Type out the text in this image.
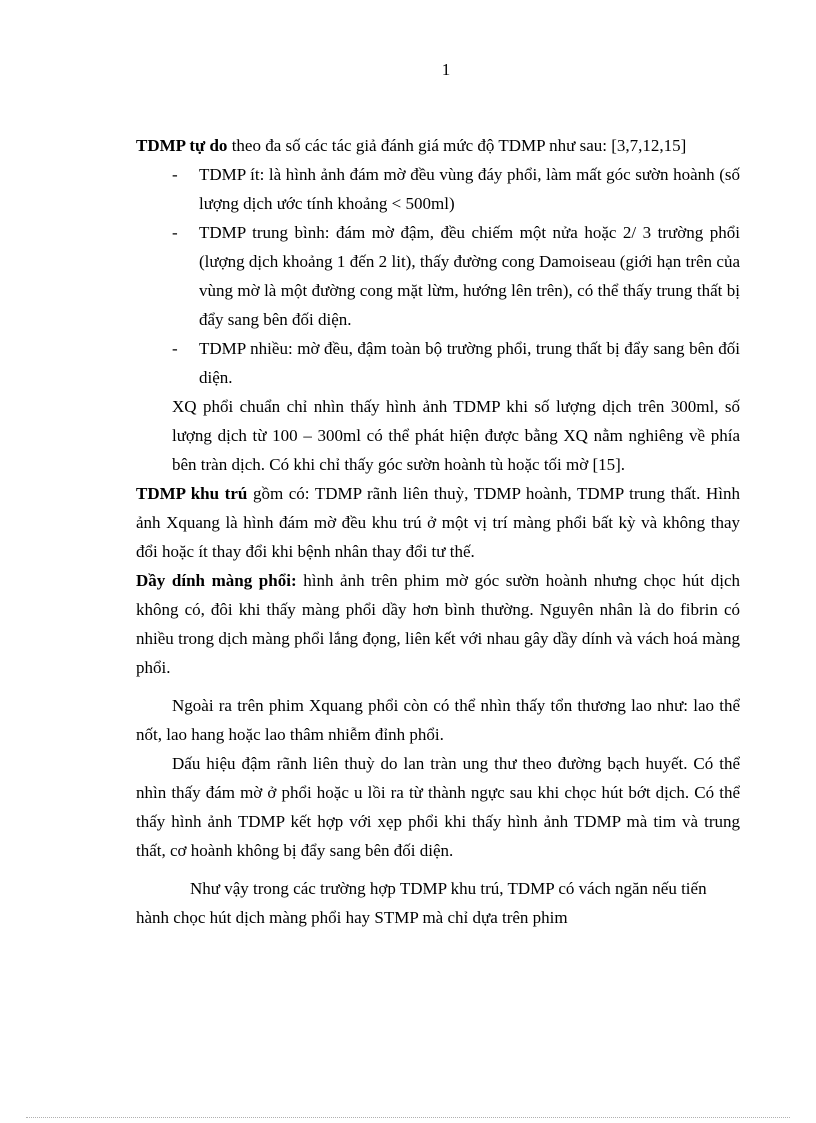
1

TDMP tự do theo đa số các tác giả đánh giá mức độ TDMP như sau: [3,7,12,15]

- TDMP ít: là hình ảnh đám mờ đều vùng đáy phổi, làm mất góc sườn hoành (số lượng dịch ước tính khoảng < 500ml)
- TDMP trung bình: đám mờ đậm, đều chiếm một nửa hoặc 2/ 3 trường phổi (lượng dịch khoảng 1 đến 2 lit), thấy đường cong Damoiseau (giới hạn trên của vùng mờ là một đường cong mặt lừm, hướng lên trên), có thể thấy trung thất bị đẩy sang bên đối diện.
- TDMP nhiều: mờ đều, đậm toàn bộ trường phổi, trung thất bị đẩy sang bên đối diện.

XQ phổi chuẩn chỉ nhìn thấy hình ảnh TDMP khi số lượng dịch trên 300ml, số lượng dịch từ 100 – 300ml có thể phát hiện được bằng XQ nằm nghiêng về phía bên tràn dịch. Có khi chỉ thấy góc sườn hoành tù hoặc tối mờ [15].

TDMP khu trú gồm có: TDMP rãnh liên thuỳ, TDMP hoành, TDMP trung thất. Hình ảnh Xquang là hình đám mờ đều khu trú ở một vị trí màng phổi bất kỳ và không thay đổi hoặc ít thay đổi khi bệnh nhân thay đổi tư thế.

Dầy dính màng phổi: hình ảnh trên phim mờ góc sườn hoành nhưng chọc hút dịch không có, đôi khi thấy màng phổi dầy hơn bình thường. Nguyên nhân là do fibrin có nhiều trong dịch màng phổi lắng đọng, liên kết với nhau gây dầy dính và vách hoá màng phổi.

Ngoài ra trên phim Xquang phổi còn có thể nhìn thấy tổn thương lao như: lao thể nốt, lao hang hoặc lao thâm nhiễm đỉnh phổi.

Dấu hiệu đậm rãnh liên thuỳ do lan tràn ung thư theo đường bạch huyết. Có thể nhìn thấy đám mờ ở phổi hoặc u lồi ra từ thành ngực sau khi chọc hút bớt dịch. Có thể thấy hình ảnh TDMP kết hợp với xẹp phổi khi thấy hình ảnh TDMP mà tim và trung thất, cơ hoành không bị đẩy sang bên đối diện.

Như vậy trong các trường hợp TDMP khu trú, TDMP có vách ngăn nếu tiến hành chọc hút dịch màng phổi hay STMP mà chỉ dựa trên phim
